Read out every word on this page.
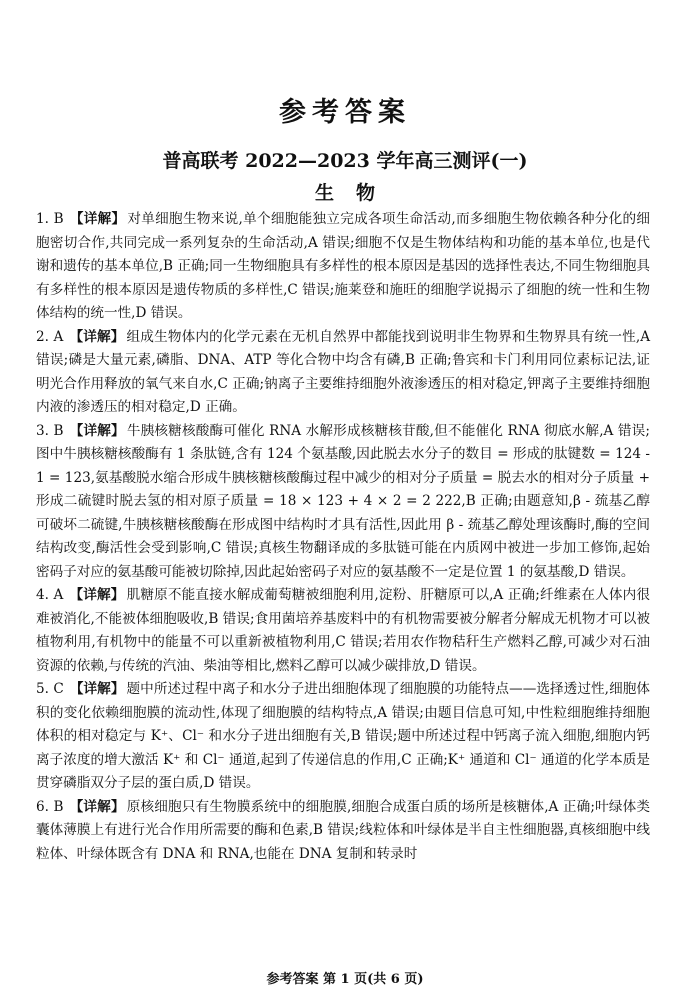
参考答案
普高联考 2022—2023 学年高三测评(一)
生物

1. B 【详解】 对单细胞生物来说,单个细胞能独立完成各项生命活动,而多细胞生物依赖各种分化的细胞密切合作,共同完成一系列复杂的生命活动,A 错误;细胞不仅是生物体结构和功能的基本单位,也是代谢和遗传的基本单位,B 正确;同一生物细胞具有多样性的根本原因是基因的选择性表达,不同生物细胞具有多样性的根本原因是遗传物质的多样性,C 错误;施莱登和施旺的细胞学说揭示了细胞的统一性和生物体结构的统一性,D 错误。

2. A 【详解】 组成生物体内的化学元素在无机自然界中都能找到说明非生物界和生物界具有统一性,A 错误;磷是大量元素,磷脂、DNA、ATP 等化合物中均含有磷,B 正确;鲁宾和卡门利用同位素标记法,证明光合作用释放的氧气来自水,C 正确;钠离子主要维持细胞外液渗透压的相对稳定,钾离子主要维持细胞内液的渗透压的相对稳定,D 正确。

3. B 【详解】 牛胰核糖核酸酶可催化 RNA 水解形成核糖核苷酸,但不能催化 RNA 彻底水解,A 错误;图中牛胰核糖核酸酶有 1 条肽链,含有 124 个氨基酸,因此脱去水分子的数目 = 形成的肽键数 = 124 - 1 = 123,氨基酸脱水缩合形成牛胰核糖核酸酶过程中减少的相对分子质量 = 脱去水的相对分子质量 + 形成二硫键时脱去氢的相对原子质量 = 18 × 123 + 4 × 2 = 2 222,B 正确;由题意知,β - 巯基乙醇可破坏二硫键,牛胰核糖核酸酶在形成图中结构时才具有活性,因此用 β - 巯基乙醇处理该酶时,酶的空间结构改变,酶活性会受到影响,C 错误;真核生物翻译成的多肽链可能在内质网中被进一步加工修饰,起始密码子对应的氨基酸可能被切除掉,因此起始密码子对应的氨基酸不一定是位置 1 的氨基酸,D 错误。

4. A 【详解】 肌糖原不能直接水解成葡萄糖被细胞利用,淀粉、肝糖原可以,A 正确;纤维素在人体内很难被消化,不能被体细胞吸收,B 错误;食用菌培养基废料中的有机物需要被分解者分解成无机物才可以被植物利用,有机物中的能量不可以重新被植物利用,C 错误;若用农作物秸秆生产燃料乙醇,可减少对石油资源的依赖,与传统的汽油、柴油等相比,燃料乙醇可以减少碳排放,D 错误。

5. C 【详解】 题中所述过程中离子和水分子进出细胞体现了细胞膜的功能特点——选择透过性,细胞体积的变化依赖细胞膜的流动性,体现了细胞膜的结构特点,A 错误;由题目信息可知,中性粒细胞维持细胞体积的相对稳定与 K⁺、Cl⁻ 和水分子进出细胞有关,B 错误;题中所述过程中钙离子流入细胞,细胞内钙离子浓度的增大激活 K⁺ 和 Cl⁻ 通道,起到了传递信息的作用,C 正确;K⁺ 通道和 Cl⁻ 通道的化学本质是贯穿磷脂双分子层的蛋白质,D 错误。

6. B 【详解】 原核细胞只有生物膜系统中的细胞膜,细胞合成蛋白质的场所是核糖体,A 正确;叶绿体类囊体薄膜上有进行光合作用所需要的酶和色素,B 错误;线粒体和叶绿体是半自主性细胞器,真核细胞中线粒体、叶绿体既含有 DNA 和 RNA,也能在 DNA 复制和转录时

参考答案 第 1 页(共 6 页)
